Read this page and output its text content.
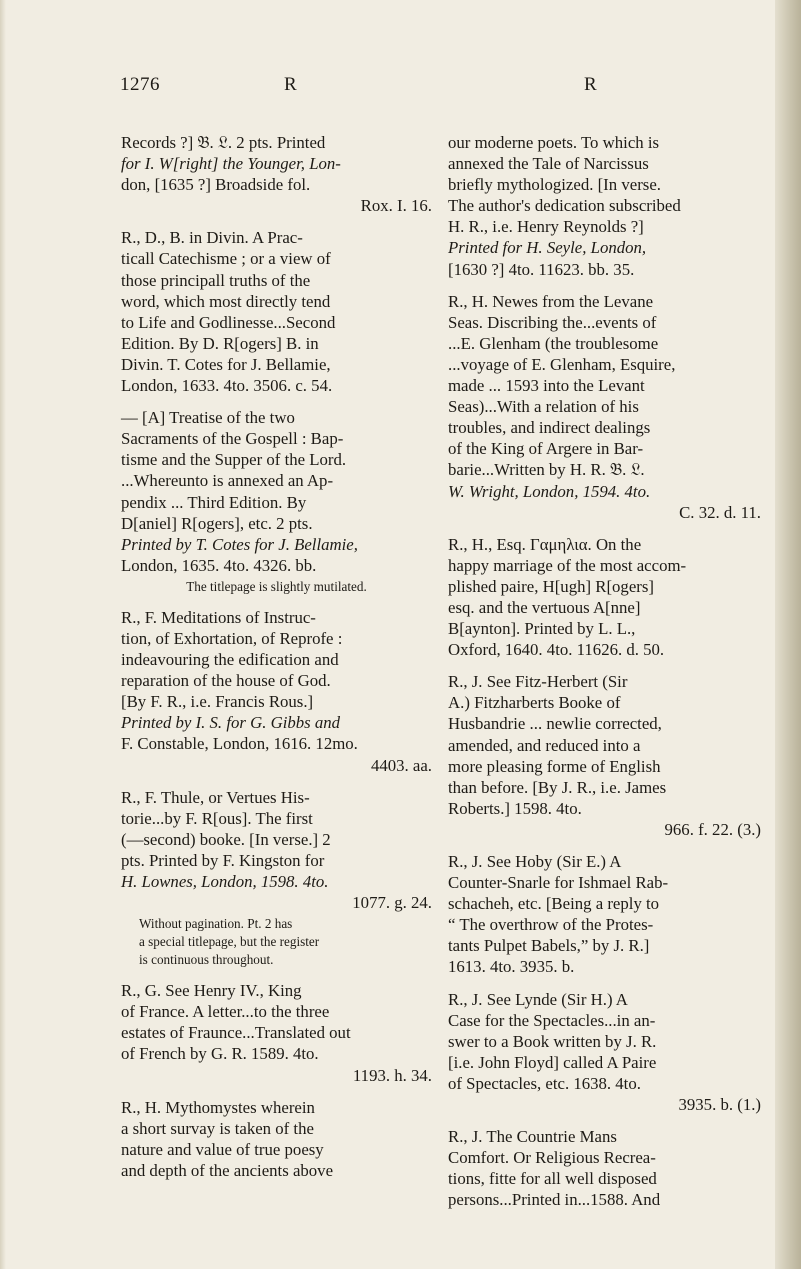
1276	R	R
Records ?] 𝔅. 𝔏. 2 pts. Printed
for I. W[right] the Younger, Lon-
don, [1635 ?] Broadside fol.
Rox. I. 16.
R., D., B. in Divin. A Prac-
ticall Catechisme ; or a view of
those principall truths of the
word, which most directly tend
to Life and Godlinesse...Second
Edition. By D. R[ogers] B. in
Divin. T. Cotes for J. Bellamie,
London, 1633. 4to. 3506. c. 54.
— [A] Treatise of the two
Sacraments of the Gospell : Bap-
tisme and the Supper of the Lord.
...Whereunto is annexed an Ap-
pendix ... Third Edition. By
D[aniel] R[ogers], etc. 2 pts.
Printed by T. Cotes for J. Bellamie,
London, 1635. 4to. 4326. bb.
The titlepage is slightly mutilated.
R., F. Meditations of Instruc-
tion, of Exhortation, of Reprofe :
indeavouring the edification and
reparation of the house of God.
[By F. R., i.e. Francis Rous.]
Printed by I. S. for G. Gibbs and
F. Constable, London, 1616. 12mo.
4403. aa.
R., F. Thule, or Vertues His-
torie...by F. R[ous]. The first
(—second) booke. [In verse.] 2
pts. Printed by F. Kingston for
H. Lownes, London, 1598. 4to.
1077. g. 24.
Without pagination. Pt. 2 has
a special titlepage, but the register
is continuous throughout.
R., G. See Henry IV., King
of France. A letter...to the three
estates of Fraunce...Translated out
of French by G. R. 1589. 4to.
1193. h. 34.
R., H. Mythomystes wherein
a short survay is taken of the
nature and value of true poesy
and depth of the ancients above
our moderne poets. To which is
annexed the Tale of Narcissus
briefly mythologized. [In verse.
The author's dedication subscribed
H. R., i.e. Henry Reynolds ?]
Printed for H. Seyle, London,
[1630 ?] 4to. 11623. bb. 35.
R., H. Newes from the Levane
Seas. Discribing the...events of
...E. Glenham (the troublesome
...voyage of E. Glenham, Esquire,
made ... 1593 into the Levant
Seas)...With a relation of his
troubles, and indirect dealings
of the King of Argere in Bar-
barie...Written by H. R. 𝔅. 𝔏.
W. Wright, London, 1594. 4to.
C. 32. d. 11.
R., H., Esq. Γαμηλια. On the
happy marriage of the most accom-
plished paire, H[ugh] R[ogers]
esq. and the vertuous A[nne]
B[aynton]. Printed by L. L.,
Oxford, 1640. 4to. 11626. d. 50.
R., J. See Fitz-Herbert (Sir
A.) Fitzharberts Booke of
Husbandrie ... newlie corrected,
amended, and reduced into a
more pleasing forme of English
than before. [By J. R., i.e. James
Roberts.] 1598. 4to.
966. f. 22. (3.)
R., J. See Hoby (Sir E.) A
Counter-Snarle for Ishmael Rab-
schacheh, etc. [Being a reply to
“ The overthrow of the Protes-
tants Pulpet Babels,” by J. R.]
1613. 4to. 3935. b.
R., J. See Lynde (Sir H.) A
Case for the Spectacles...in an-
swer to a Book written by J. R.
[i.e. John Floyd] called A Paire
of Spectacles, etc. 1638. 4to.
3935. b. (1.)
R., J. The Countrie Mans
Comfort. Or Religious Recrea-
tions, fitte for all well disposed
persons...Printed in...1588. And
